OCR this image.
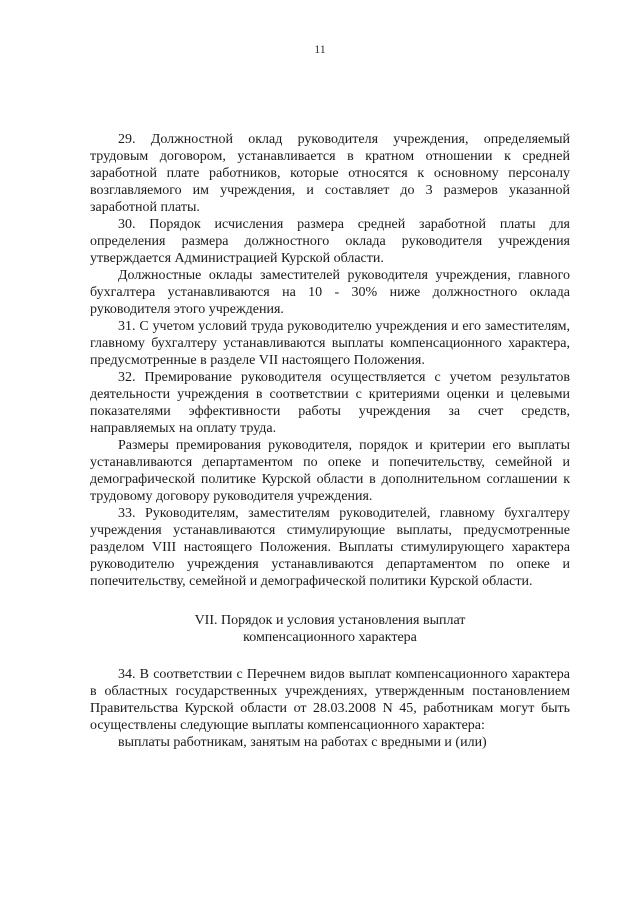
11

29. Должностной оклад руководителя учреждения, определяемый трудовым договором, устанавливается в кратном отношении к средней заработной плате работников, которые относятся к основному персоналу возглавляемого им учреждения, и составляет до 3 размеров указанной заработной платы.

30. Порядок исчисления размера средней заработной платы для определения размера должностного оклада руководителя учреждения утверждается Администрацией Курской области.

Должностные оклады заместителей руководителя учреждения, главного бухгалтера устанавливаются на 10 - 30% ниже должностного оклада руководителя этого учреждения.

31. С учетом условий труда руководителю учреждения и его заместителям, главному бухгалтеру устанавливаются выплаты компенсационного характера, предусмотренные в разделе VII настоящего Положения.

32. Премирование руководителя осуществляется с учетом результатов деятельности учреждения в соответствии с критериями оценки и целевыми показателями эффективности работы учреждения за счет средств, направляемых на оплату труда.

Размеры премирования руководителя, порядок и критерии его выплаты устанавливаются департаментом по опеке и попечительству, семейной и демографической политике Курской области в дополнительном соглашении к трудовому договору руководителя учреждения.

33. Руководителям, заместителям руководителей, главному бухгалтеру учреждения устанавливаются стимулирующие выплаты, предусмотренные разделом VIII настоящего Положения. Выплаты стимулирующего характера руководителю учреждения устанавливаются департаментом по опеке и попечительству, семейной и демографической политики Курской области.

VII. Порядок и условия установления выплат
компенсационного характера

34. В соответствии с Перечнем видов выплат компенсационного характера в областных государственных учреждениях, утвержденным постановлением Правительства Курской области от 28.03.2008 N 45, работникам могут быть осуществлены следующие выплаты компенсационного характера:

выплаты работникам, занятым на работах с вредными и (или)
